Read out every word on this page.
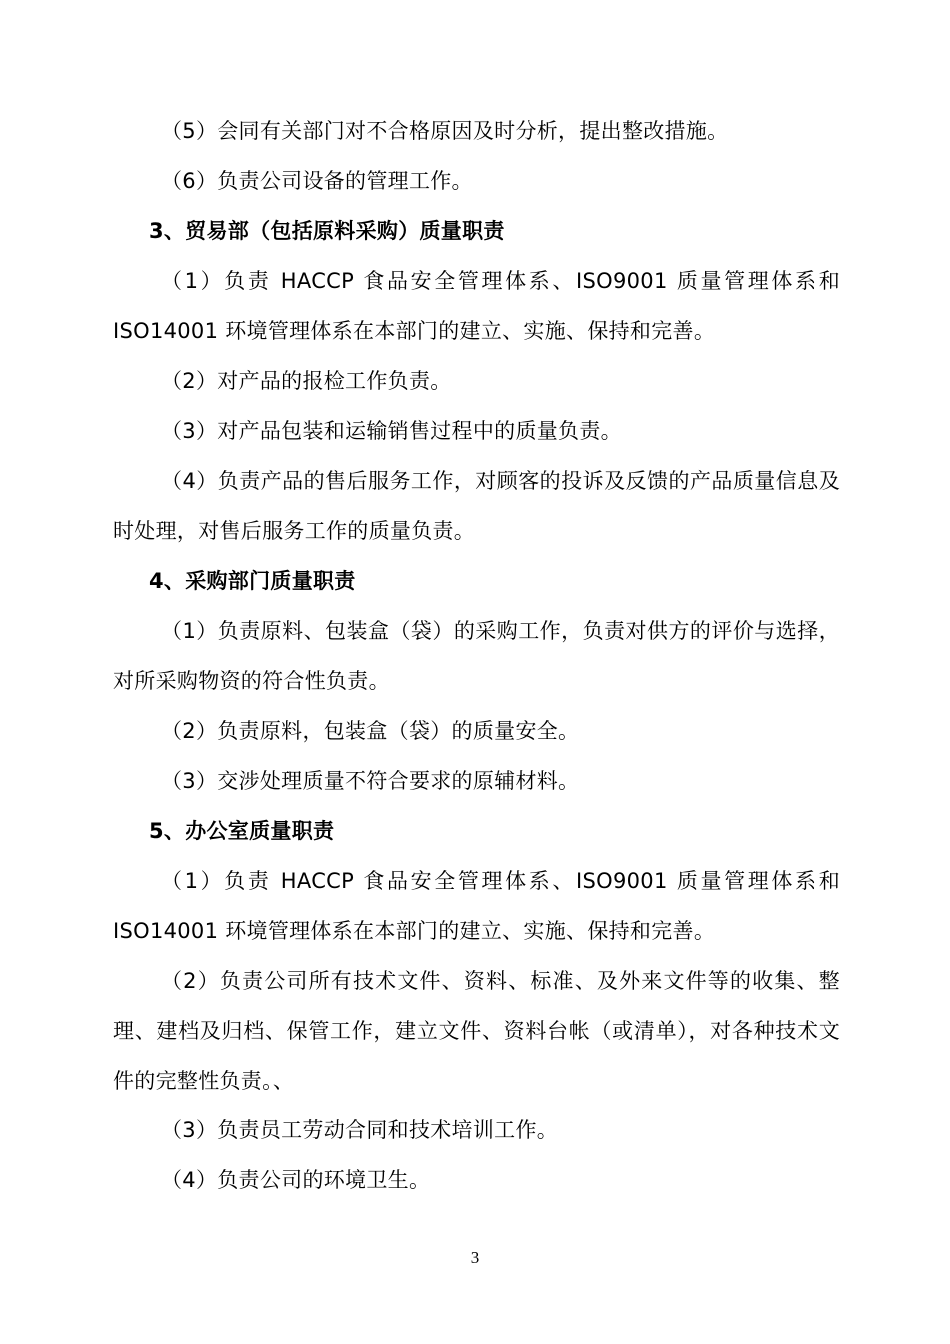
（5）会同有关部门对不合格原因及时分析，提出整改措施。

（6）负责公司设备的管理工作。

3、贸易部（包括原料采购）质量职责

（1）负责 HACCP 食品安全管理体系、ISO9001 质量管理体系和ISO14001 环境管理体系在本部门的建立、实施、保持和完善。

（2）对产品的报检工作负责。

（3）对产品包装和运输销售过程中的质量负责。

（4）负责产品的售后服务工作，对顾客的投诉及反馈的产品质量信息及时处理，对售后服务工作的质量负责。

4、采购部门质量职责

（1）负责原料、包装盒（袋）的采购工作，负责对供方的评价与选择，对所采购物资的符合性负责。

（2）负责原料，包装盒（袋）的质量安全。

（3）交涉处理质量不符合要求的原辅材料。

5、办公室质量职责

（1）负责 HACCP 食品安全管理体系、ISO9001 质量管理体系和ISO14001 环境管理体系在本部门的建立、实施、保持和完善。

（2）负责公司所有技术文件、资料、标准、及外来文件等的收集、整理、建档及归档、保管工作，建立文件、资料台帐（或清单），对各种技术文件的完整性负责。、

（3）负责员工劳动合同和技术培训工作。

（4）负责公司的环境卫生。

3
